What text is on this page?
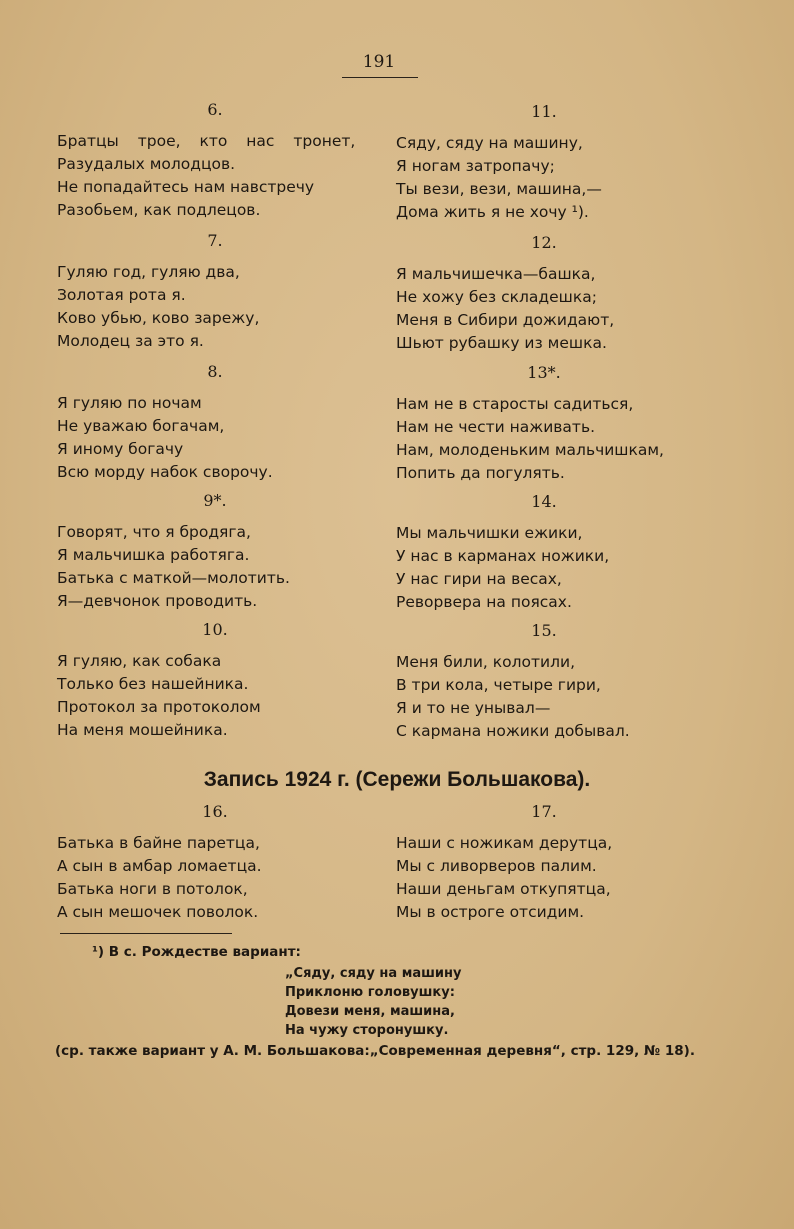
191
6.
Братцы трое, кто нас тронет,
Разудалых молодцов.
Не попадайтесь нам навстречу
Разобьем, как подлецов.
7.
Гуляю год, гуляю два,
Золотая рота я.
Ково убью, ково зарежу,
Молодец за это я.
8.
Я гуляю по ночам
Не уважаю богачам,
Я иному богачу
Всю морду набок сворочу.
9*.
Говорят, что я бродяга,
Я мальчишка работяга.
Батька с маткой—молотить.
Я—девчонок проводить.
10.
Я гуляю, как собака
Только без нашейника.
Протокол за протоколом
На меня мошейника.
16.
Батька в байне паретца,
А сын в амбар ломаетца.
Батька ноги в потолок,
А сын мешочек поволок.
11.
Сяду, сяду на машину,
Я ногам затропачу;
Ты вези, вези, машина,—
Дома жить я не хочу ¹).
12.
Я мальчишечка—башка,
Не хожу без складешка;
Меня в Сибири дожидают,
Шьют рубашку из мешка.
13*.
Нам не в старосты садиться,
Нам не чести наживать.
Нам, молоденьким мальчишкам,
Попить да погулять.
14.
Мы мальчишки ежики,
У нас в карманах ножики,
У нас гири на весах,
Реворвера на поясах.
15.
Меня били, колотили,
В три кола, четыре гири,
Я и то не унывал—
С кармана ножики добывал.
17.
Наши с ножикам дерутца,
Мы с ливорверов палим.
Наши деньгам откупятца,
Мы в остроге отсидим.
Запись 1924 г. (Сережи Большакова).
¹) В с. Рождестве вариант:
„Сяду, сяду на машину
Приклоню головушку:
Довези меня, машина,
На чужу сторонушку.
(ср. также вариант у А. М. Большакова:„Современная деревня“, стр. 129, № 18).
